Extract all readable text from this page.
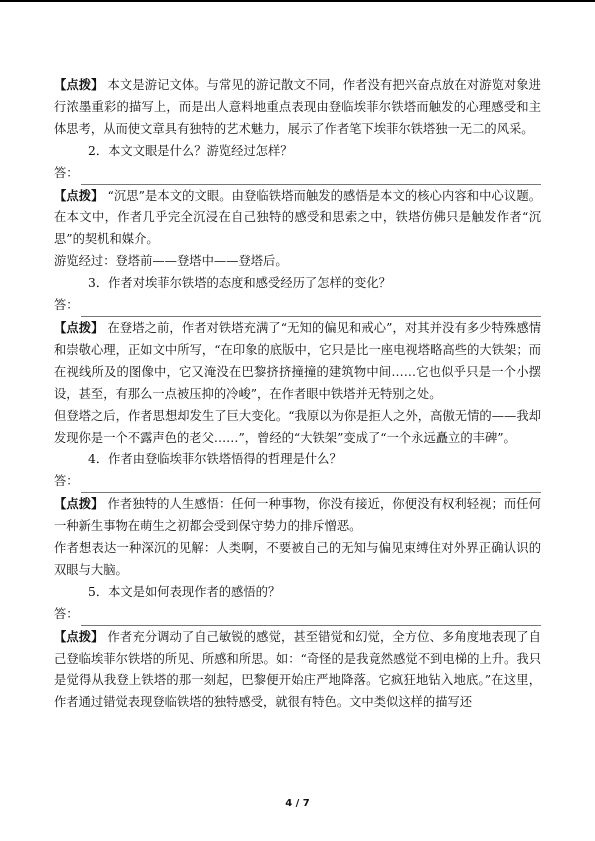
【点拨】 本文是游记文体。与常见的游记散文不同，作者没有把兴奋点放在对游览对象进行浓墨重彩的描写上，而是出人意料地重点表现由登临埃菲尔铁塔而触发的心理感受和主体思考，从而使文章具有独特的艺术魅力，展示了作者笔下埃菲尔铁塔独一无二的风采。

2．本文文眼是什么？游览经过怎样？

答：

【点拨】 “沉思”是本文的文眼。由登临铁塔而触发的感悟是本文的核心内容和中心议题。在本文中，作者几乎完全沉浸在自己独特的感受和思索之中，铁塔仿佛只是触发作者“沉思”的契机和媒介。

游览经过：登塔前——登塔中——登塔后。

3．作者对埃菲尔铁塔的态度和感受经历了怎样的变化？

答：

【点拨】 在登塔之前，作者对铁塔充满了“无知的偏见和戒心”，对其并没有多少特殊感情和崇敬心理，正如文中所写，“在印象的底版中，它只是比一座电视塔略高些的大铁架；而在视线所及的图像中，它又淹没在巴黎挤挤撞撞的建筑物中间……它也似乎只是一个小摆设，甚至，有那么一点被压抑的冷峻”，在作者眼中铁塔并无特别之处。

但登塔之后，作者思想却发生了巨大变化。“我原以为你是拒人之外，高傲无情的——我却发现你是一个不露声色的老父……”，曾经的“大铁架”变成了“一个永远矗立的丰碑”。

4．作者由登临埃菲尔铁塔悟得的哲理是什么？

答：

【点拨】 作者独特的人生感悟：任何一种事物，你没有接近，你便没有权利轻视；而任何一种新生事物在萌生之初都会受到保守势力的排斥憎恶。

作者想表达一种深沉的见解：人类啊，不要被自己的无知与偏见束缚住对外界正确认识的双眼与大脑。

5．本文是如何表现作者的感悟的？

答：

【点拨】 作者充分调动了自己敏锐的感觉，甚至错觉和幻觉，全方位、多角度地表现了自己登临埃菲尔铁塔的所见、所感和所思。如：“奇怪的是我竟然感觉不到电梯的上升。我只是觉得从我登上铁塔的那一刻起，巴黎便开始庄严地降落。它疯狂地钻入地底。”在这里，作者通过错觉表现登临铁塔的独特感受，就很有特色。文中类似这样的描写还

4 / 7
